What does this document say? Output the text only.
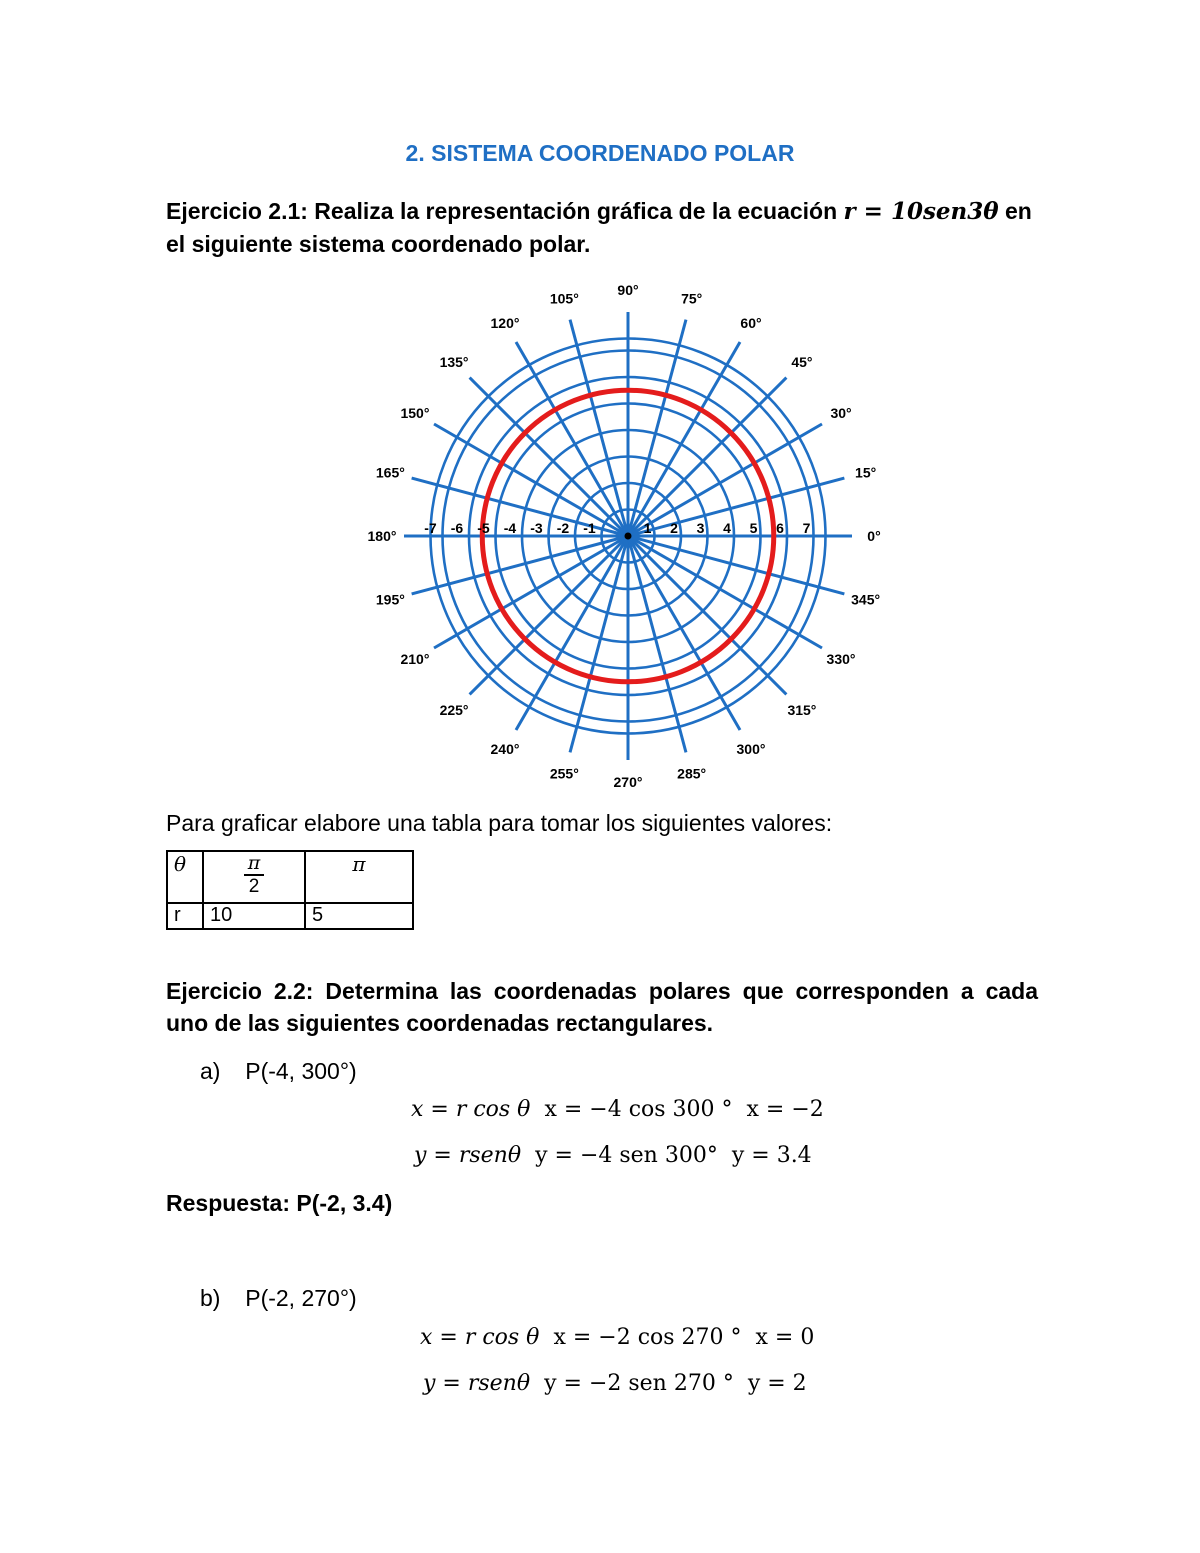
2. SISTEMA COORDENADO POLAR
Ejercicio 2.1: Realiza la representación gráfica de la ecuación r = 10sen3θ en
el siguiente sistema coordenado polar.
-7 -6 -5 -4 -3 -2 -1	1 2 3 4 5 6 7	0°
15°
30°
45°
60°
75°
90°
105°
120°
135°
150°
165°
180°
195°
210°
225°
240°
255°
270°
285°
300°
315°
330°
345°
Para graficar elabore una tabla para tomar los siguientes valores:
θ	$\frac{\pi}{2}$	π
r	10	5
Ejercicio 2.2: Determina las coordenadas polares que corresponden a cada
uno de las siguientes coordenadas rectangulares.
a) P(-4, 300°)
x = r cos θ x = −4 cos 300 ° x = −2
y = rsenθ y = −4 sen 300° y = 3.4
Respuesta: P(-2, 3.4)
b) P(-2, 270°)
x = r cos θ x = −2 cos 270 ° x = 0
y = rsenθ y = −2 sen 270 ° y = 2
